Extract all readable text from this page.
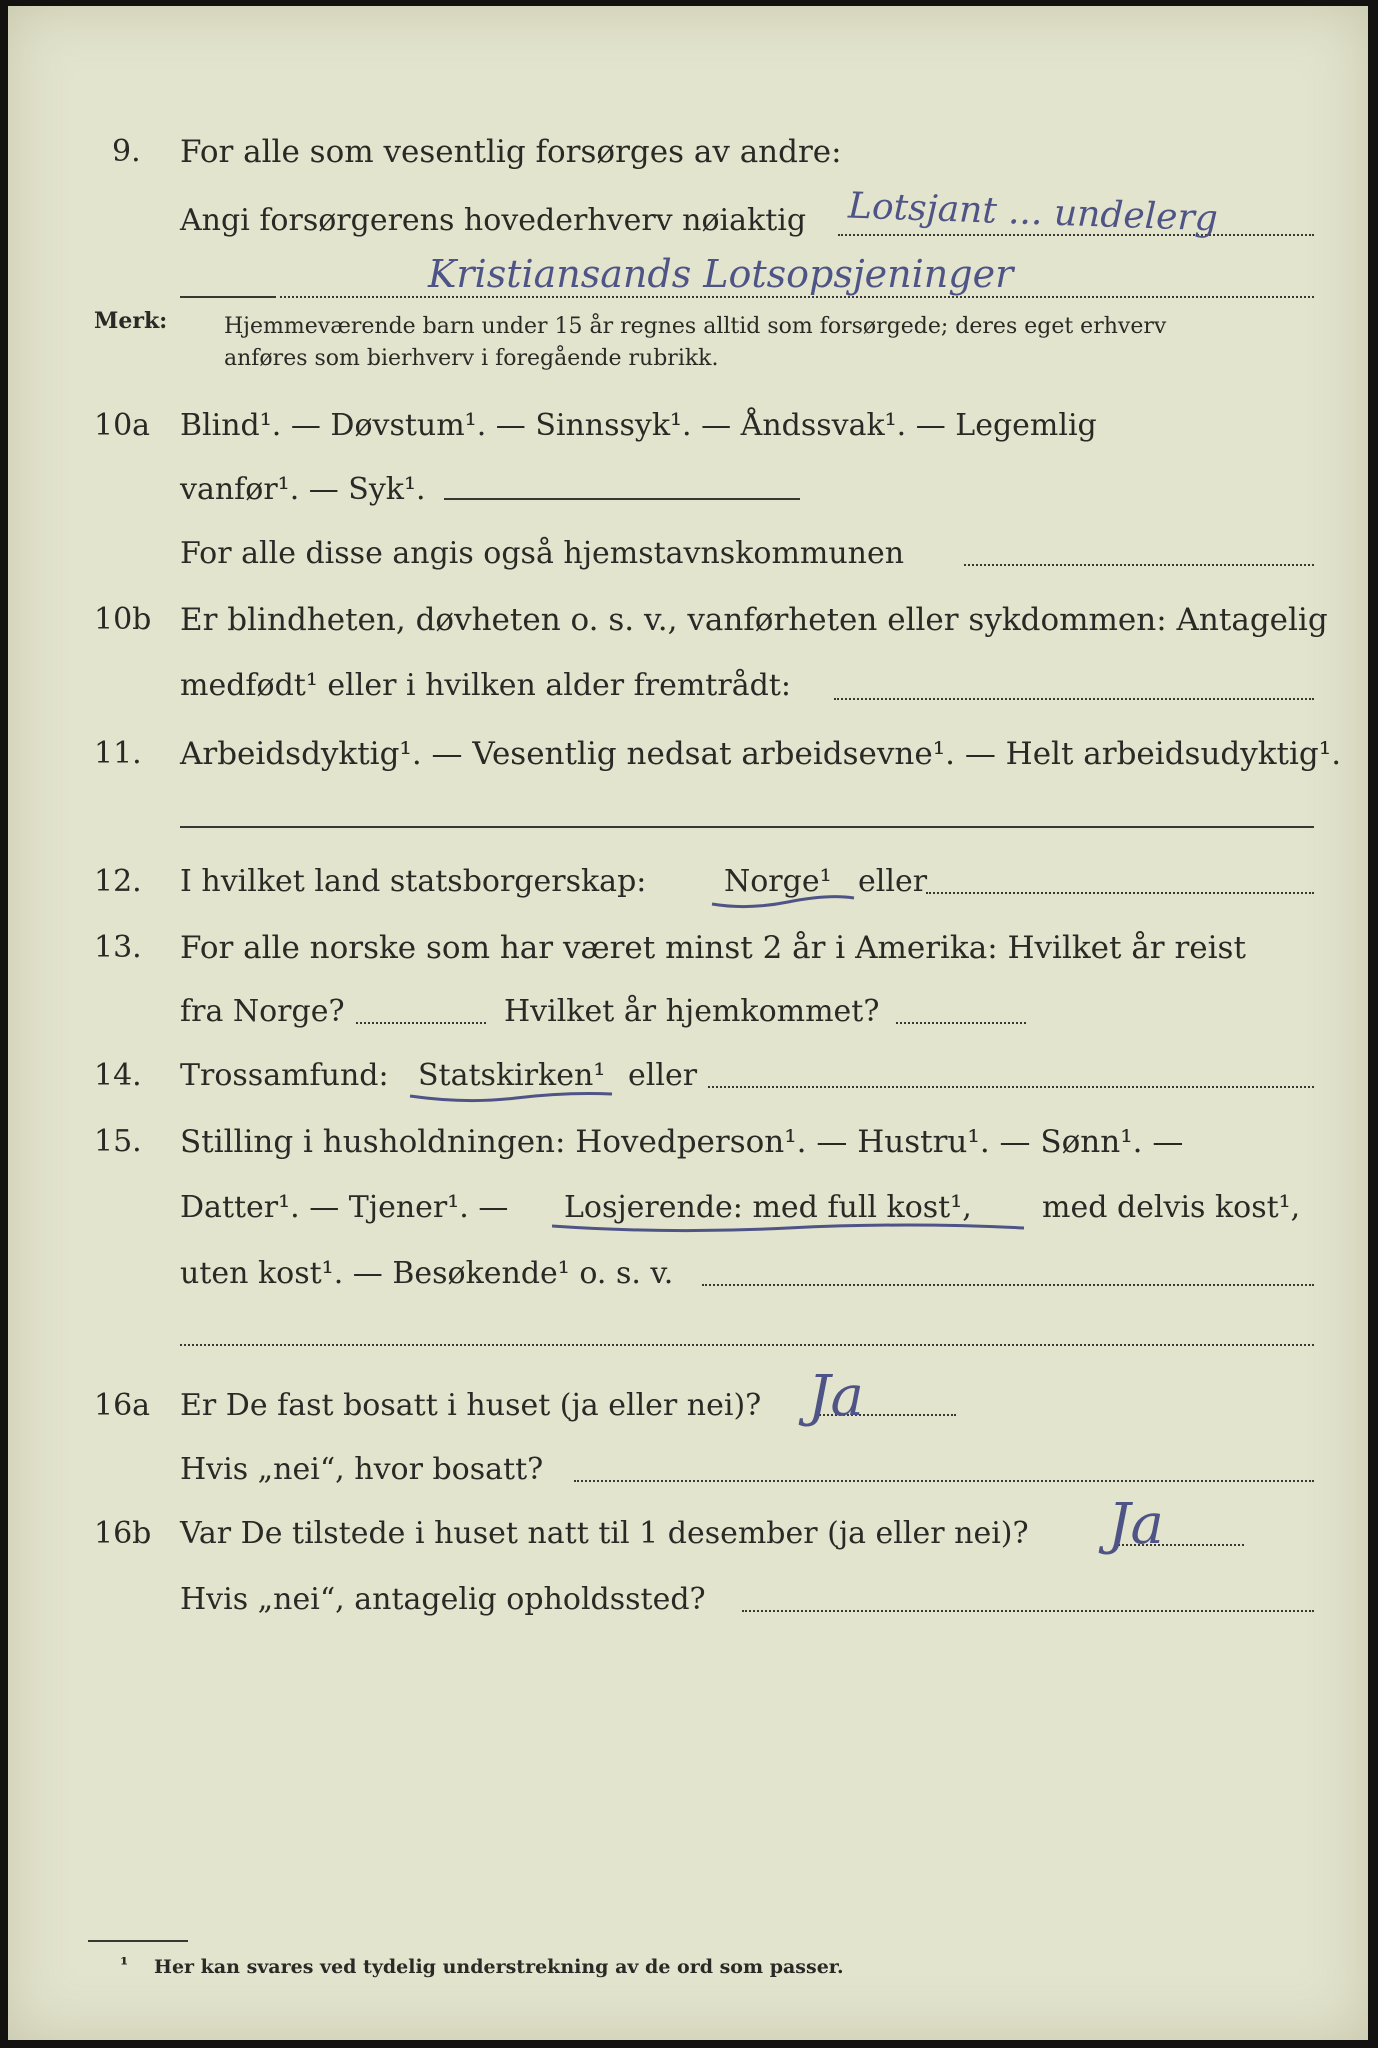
9. For alle som vesentlig forsørges av andre:
Angi forsørgerens hovederhverv nøiaktig Lotsjant ... undelerg
Kristiansands Lotsopsjeninger
Merk:	Hjemmeværende barn under 15 år regnes alltid som forsørgede; deres eget erhverv
anføres som bierhverv i foregående rubrikk.
10a Blind¹. — Døvstum¹. — Sinnssyk¹. — Åndssvak¹. — Legemlig
vanfør¹. — Syk¹.
For alle disse angis også hjemstavnskommunen
10b Er blindheten, døvheten o. s. v., vanførheten eller sykdommen: Antagelig
medfødt¹ eller i hvilken alder fremtrådt:
11. Arbeidsdyktig¹. — Vesentlig nedsat arbeidsevne¹. — Helt arbeidsudyktig¹.
12. I hvilket land statsborgerskap:	Norge¹ eller
13. For alle norske som har været minst 2 år i Amerika: Hvilket år reist
fra Norge?	Hvilket år hjemkommet?
14. Trossamfund: Statskirken¹ eller
15. Stilling i husholdningen: Hovedperson¹. — Hustru¹. — Sønn¹. —
Datter¹. — Tjener¹. — Losjerende: med full kost¹, med delvis kost¹,
uten kost¹. — Besøkende¹ o. s. v.
16a Er De fast bosatt i huset (ja eller nei)? Ja
Hvis „nei“, hvor bosatt?
16b Var De tilstede i huset natt til 1 desember (ja eller nei)? Ja
Hvis „nei“, antagelig opholdssted?
¹ Her kan svares ved tydelig understrekning av de ord som passer.
